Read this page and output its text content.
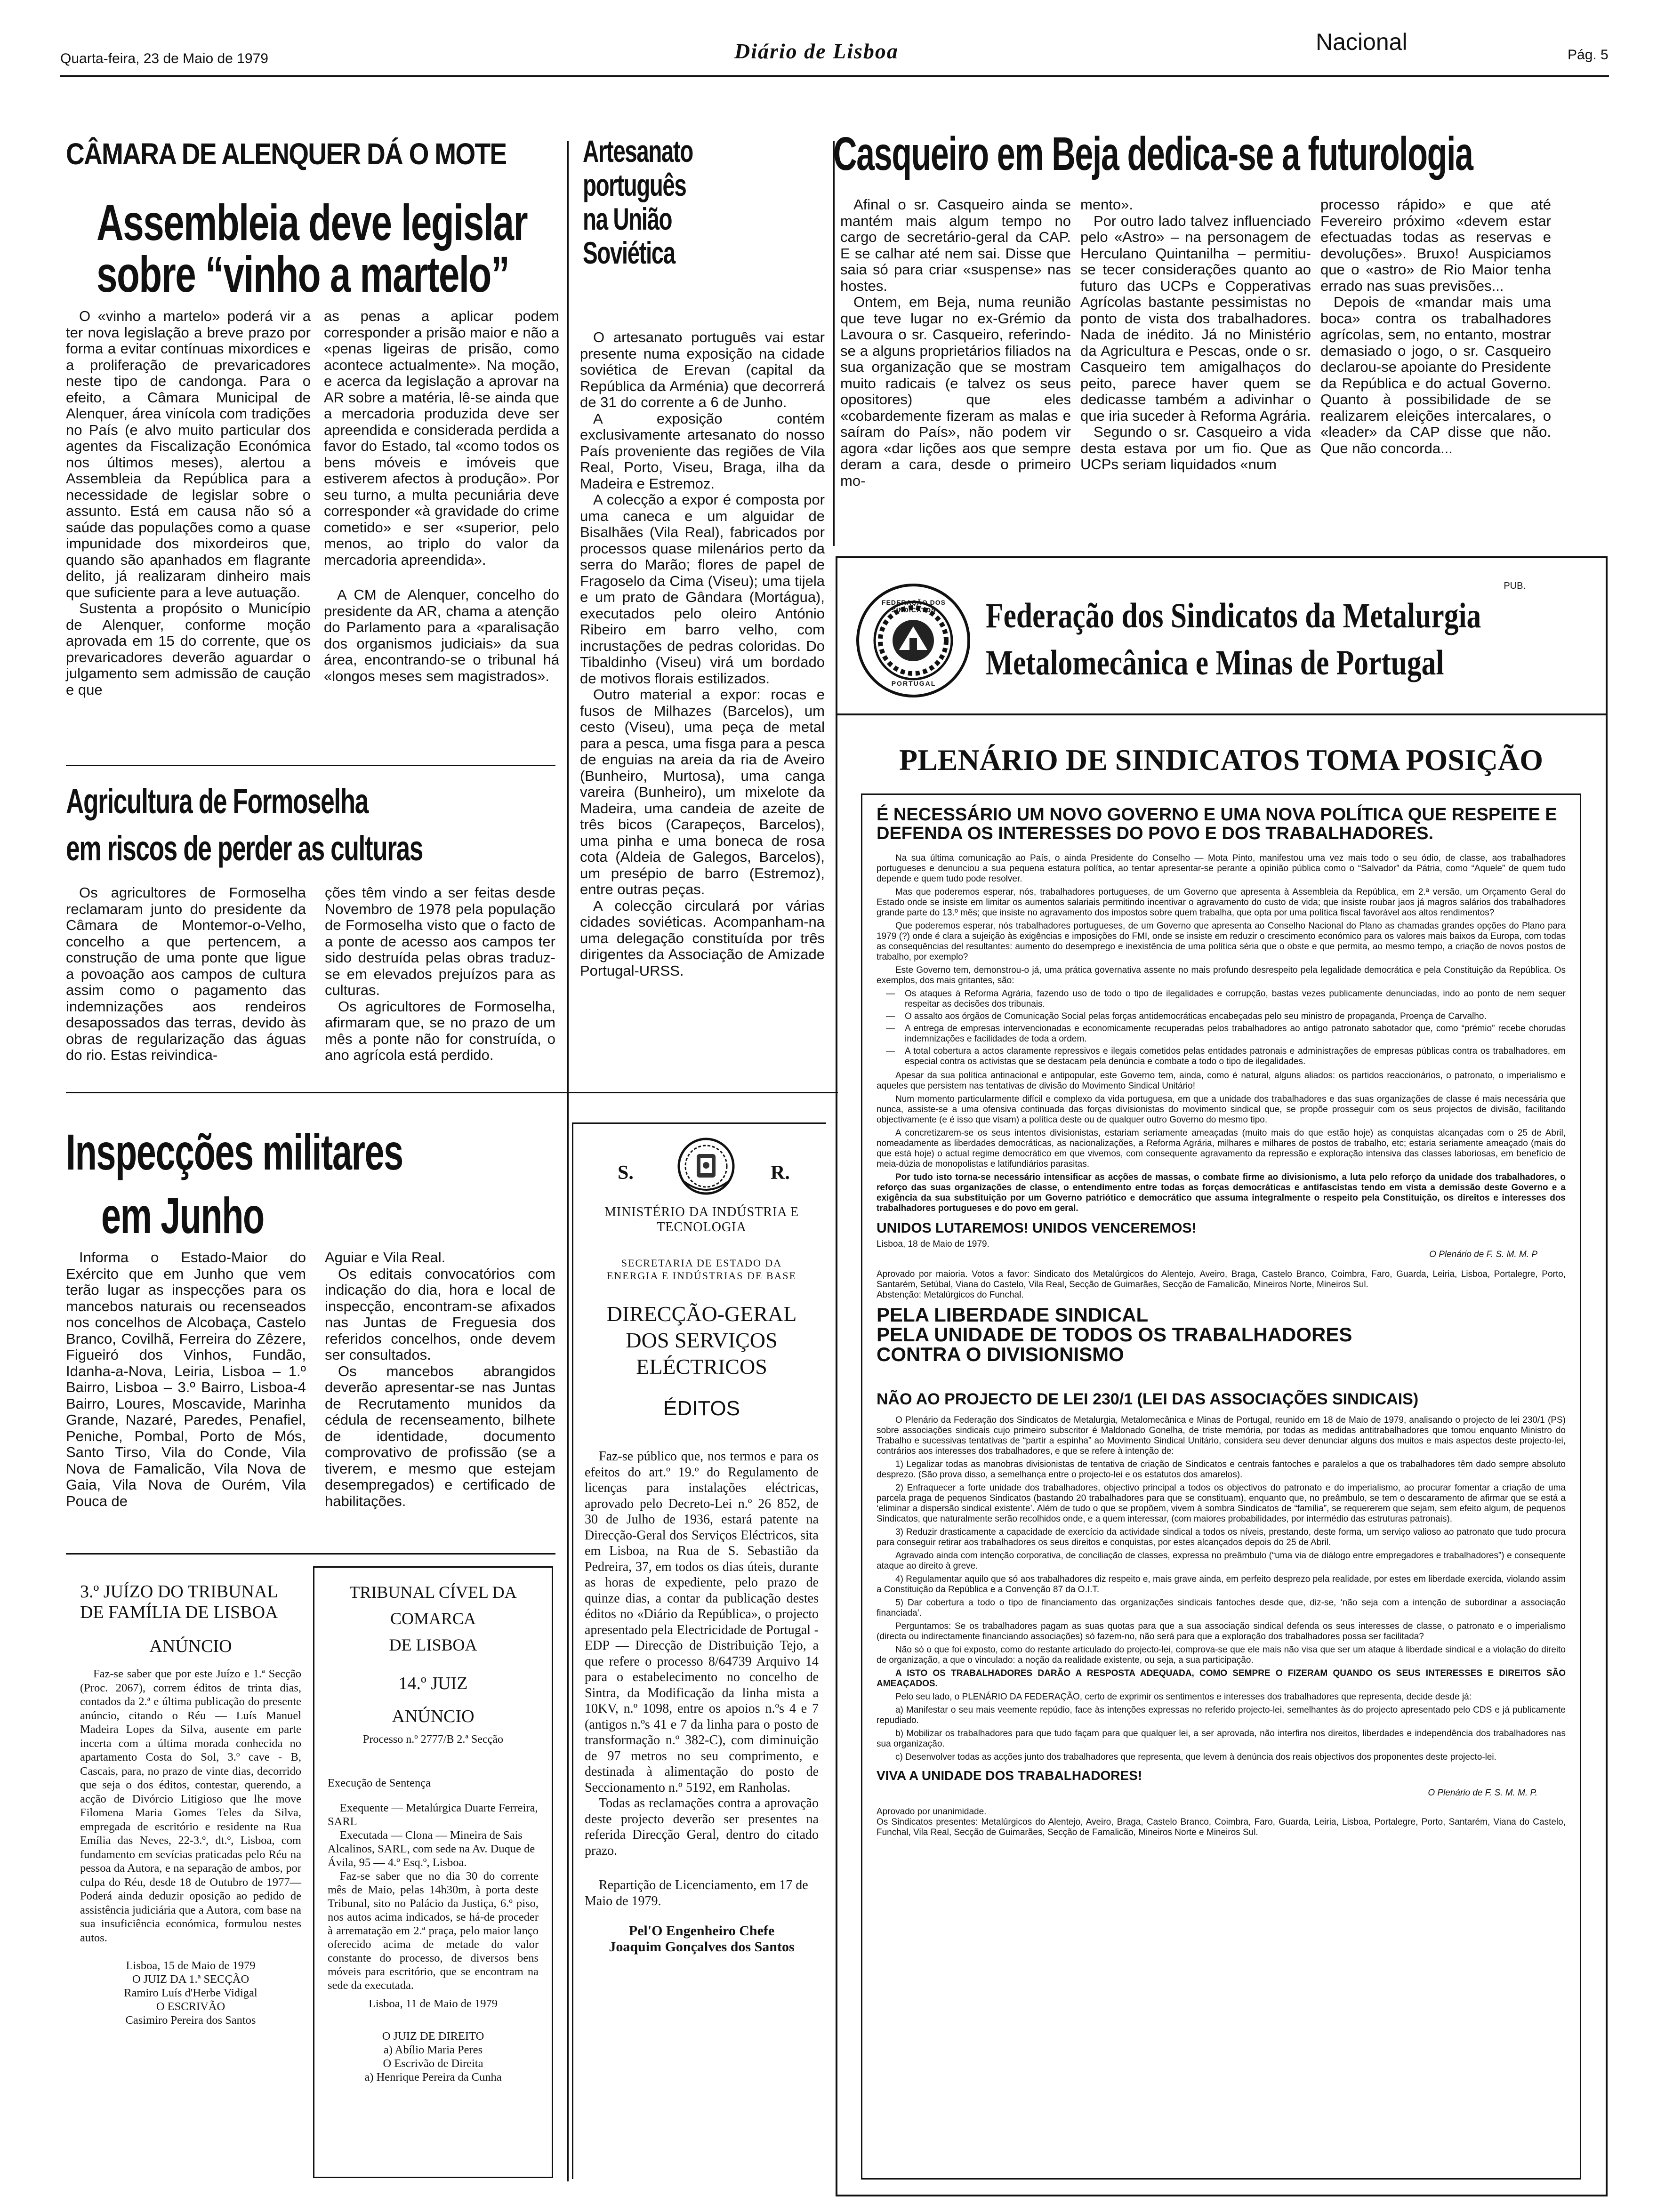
Quarta-feira, 23 de Maio de 1979	Diário de Lisboa	Nacional	Pág. 5
CÂMARA DE ALENQUER DÁ O MOTE
Assembleia deve legislar
sobre “vinho a martelo”

O «vinho a martelo» poderá vir a ter nova legislação a breve prazo por forma a evitar contínuas mixordices e a proliferação de prevaricadores neste tipo de candonga. Para o efeito, a Câmara Municipal de Alenquer, área vinícola com tradições no País (e alvo muito particular dos agentes da Fiscalização Económica nos últimos meses), alertou a Assembleia da República para a necessidade de legislar sobre o assunto. Está em causa não só a saúde das populações como a quase impunidade dos mixordeiros que, quando são apanhados em flagrante delito, já realizaram dinheiro mais que suficiente para a leve autuação.

Sustenta a propósito o Município de Alenquer, conforme moção aprovada em 15 do corrente, que os prevaricadores deverão aguardar o julgamento sem admissão de caução e que

as penas a aplicar podem corresponder a prisão maior e não a «penas ligeiras de prisão, como acontece actualmente». Na moção, e acerca da legislação a aprovar na AR sobre a matéria, lê-se ainda que a mercadoria produzida deve ser apreendida e considerada perdida a favor do Estado, tal «como todos os bens móveis e imóveis que estiverem afectos à produção». Por seu turno, a multa pecuniária deve corresponder «à gravidade do crime cometido» e ser «superior, pelo menos, ao triplo do valor da mercadoria apreendida».

A CM de Alenquer, concelho do presidente da AR, chama a atenção do Parlamento para a «paralisação dos organismos judiciais» da sua área, encontrando-se o tribunal há «longos meses sem magistrados».

Artesanato
português
na União
Soviética

O artesanato português vai estar presente numa exposição na cidade soviética de Erevan (capital da República da Arménia) que decorrerá de 31 do corrente a 6 de Junho.

A exposição contém exclusivamente artesanato do nosso País proveniente das regiões de Vila Real, Porto, Viseu, Braga, ilha da Madeira e Estremoz.

A colecção a expor é composta por uma caneca e um alguidar de Bisalhães (Vila Real), fabricados por processos quase milenários perto da serra do Marão; flores de papel de Fragoselo da Cima (Viseu); uma tijela e um prato de Gândara (Mortágua), executados pelo oleiro António Ribeiro em barro velho, com incrustações de pedras coloridas. Do Tibaldinho (Viseu) virá um bordado de motivos florais estilizados.

Outro material a expor: rocas e fusos de Milhazes (Barcelos), um cesto (Viseu), uma peça de metal para a pesca, uma fisga para a pesca de enguias na areia da ria de Aveiro (Bunheiro, Murtosa), uma canga vareira (Bunheiro), um mixelote da Madeira, uma candeia de azeite de três bicos (Carapeços, Barcelos), uma pinha e uma boneca de rosa cota (Aldeia de Galegos, Barcelos), um presépio de barro (Estremoz), entre outras peças.

A colecção circulará por várias cidades soviéticas. Acompanham-na uma delegação constituída por três dirigentes da Associação de Amizade Portugal-URSS.

Casqueiro em Beja dedica-se a futurologia

Afinal o sr. Casqueiro ainda se mantém mais algum tempo no cargo de secretário-geral da CAP. E se calhar até nem sai. Disse que saia só para criar «suspense» nas hostes.

Ontem, em Beja, numa reunião que teve lugar no ex-Grémio da Lavoura o sr. Casqueiro, referindo-se a alguns proprietários filiados na sua organização que se mostram muito radicais (e talvez os seus opositores) que eles «cobardemente fizeram as malas e saíram do País», não podem vir agora «dar lições aos que sempre deram a cara, desde o primeiro mo-

mento».

Por outro lado talvez influenciado pelo «Astro» – na personagem de Herculano Quintanilha – permitiu-se tecer considerações quanto ao futuro das UCPs e Copperativas Agrícolas bastante pessimistas no ponto de vista dos trabalhadores. Nada de inédito. Já no Ministério da Agricultura e Pescas, onde o sr. Casqueiro tem amigalhaços do peito, parece haver quem se dedicasse também a adivinhar o que iria suceder à Reforma Agrária.

Segundo o sr. Casqueiro a vida desta estava por um fio. Que as UCPs seriam liquidados «num

processo rápido» e que até Fevereiro próximo «devem estar efectuadas todas as reservas e devoluções». Bruxo! Auspiciamos que o «astro» de Rio Maior tenha errado nas suas previsões...

Depois de «mandar mais uma boca» contra os trabalhadores agrícolas, sem, no entanto, mostrar demasiado o jogo, o sr. Casqueiro declarou-se apoiante do Presidente da República e do actual Governo. Quanto à possibilidade de se realizarem eleições intercalares, o «leader» da CAP disse que não. Que não concorda...

Agricultura de Formoselha
em riscos de perder as culturas

Os agricultores de Formoselha reclamaram junto do presidente da Câmara de Montemor-o-Velho, concelho a que pertencem, a construção de uma ponte que ligue a povoação aos campos de cultura assim como o pagamento das indemnizações aos rendeiros desapossados das terras, devido às obras de regularização das águas do rio. Estas reivindica-

ções têm vindo a ser feitas desde Novembro de 1978 pela população de Formoselha visto que o facto de a ponte de acesso aos campos ter sido destruída pelas obras traduz-se em elevados prejuízos para as culturas.

Os agricultores de Formoselha, afirmaram que, se no prazo de um mês a ponte não for construída, o ano agrícola está perdido.

Inspecções militares
em Junho

Informa o Estado-Maior do Exército que em Junho que vem terão lugar as inspecções para os mancebos naturais ou recenseados nos concelhos de Alcobaça, Castelo Branco, Covilhã, Ferreira do Zêzere, Figueiró dos Vinhos, Fundão, Idanha-a-Nova, Leiria, Lisboa – 1.º Bairro, Lisboa – 3.º Bairro, Lisboa-4 Bairro, Loures, Moscavide, Marinha Grande, Nazaré, Paredes, Penafiel, Peniche, Pombal, Porto de Mós, Santo Tirso, Vila do Conde, Vila Nova de Famalicão, Vila Nova de Gaia, Vila Nova de Ourém, Vila Pouca de

Aguiar e Vila Real.

Os editais convocatórios com indicação do dia, hora e local de inspecção, encontram-se afixados nas Juntas de Freguesia dos referidos concelhos, onde devem ser consultados.

Os mancebos abrangidos deverão apresentar-se nas Juntas de Recrutamento munidos da cédula de recenseamento, bilhete de identidade, documento comprovativo de profissão (se a tiverem, e mesmo que estejam desempregados) e certificado de habilitações.

3.º JUÍZO DO TRIBUNAL DE FAMÍLIA DE LISBOA
ANÚNCIO
Faz-se saber que por este Juízo e 1.ª Secção (Proc. 2067), correm éditos de trinta dias, contados da 2.ª e última publicação do presente anúncio, citando o Réu — Luís Manuel Madeira Lopes da Silva, ausente em parte incerta com a última morada conhecida no apartamento Costa do Sol, 3.º cave - B, Cascais, para, no prazo de vinte dias, decorrido que seja o dos éditos, contestar, querendo, a acção de Divórcio Litigioso que lhe move Filomena Maria Gomes Teles da Silva, empregada de escritório e residente na Rua Emília das Neves, 22-3.º, dt.º, Lisboa, com fundamento em sevícias praticadas pelo Réu na pessoa da Autora, e na separação de ambos, por culpa do Réu, desde 18 de Outubro de 1977— Poderá ainda deduzir oposição ao pedido de assistência judiciária que a Autora, com base na sua insuficiência económica, formulou nestes autos.
Lisboa, 15 de Maio de 1979
O JUIZ DA 1.ª SECÇÃO
Ramiro Luís d'Herbe Vidigal
O ESCRIVÃO
Casimiro Pereira dos Santos
TRIBUNAL CÍVEL DA
COMARCA
DE LISBOA
14.º JUIZ
ANÚNCIO
Processo n.º 2777/B 2.ª Secção
Execução de Sentença
Exequente — Metalúrgica Duarte Ferreira, SARL
Executada — Clona — Mineira de Sais Alcalinos, SARL, com sede na Av. Duque de Ávila, 95 — 4.º Esq.º, Lisboa.
Faz-se saber que no dia 30 do corrente mês de Maio, pelas 14h30m, à porta deste Tribunal, sito no Palácio da Justiça, 6.º piso, nos autos acima indicados, se há-de proceder à arrematação em 2.ª praça, pelo maior lanço oferecido acima de metade do valor constante do processo, de diversos bens móveis para escritório, que se encontram na sede da executada.
Lisboa, 11 de Maio de 1979
O JUIZ DE DIREITO
a) Abílio Maria Peres
O Escrivão de Direita
a) Henrique Pereira da Cunha
S.	R.
MINISTÉRIO DA INDÚSTRIA E TECNOLOGIA
SECRETARIA DE ESTADO DA ENERGIA E INDÚSTRIAS DE BASE
DIRECÇÃO-GERAL
DOS SERVIÇOS
ELÉCTRICOS
ÉDITOS
Faz-se público que, nos termos e para os efeitos do art.º 19.º do Regulamento de licenças para instalações eléctricas, aprovado pelo Decreto-Lei n.º 26 852, de 30 de Julho de 1936, estará patente na Direcção-Geral dos Serviços Eléctricos, sita em Lisboa, na Rua de S. Sebastião da Pedreira, 37, em todos os dias úteis, durante as horas de expediente, pelo prazo de quinze dias, a contar da publicação destes éditos no «Diário da República», o projecto apresentado pela Electricidade de Portugal - EDP — Direcção de Distribuição Tejo, a que refere o processo 8/64739 Arquivo 14 para o estabelecimento no concelho de Sintra, da Modificação da linha mista a 10KV, n.º 1098, entre os apoios n.ºs 4 e 7 (antigos n.ºs 41 e 7 da linha para o posto de transformação n.º 382-C), com diminuição de 97 metros no seu comprimento, e destinada à alimentação do posto de Seccionamento n.º 5192, em Ranholas.
Todas as reclamações contra a aprovação deste projecto deverão ser presentes na referida Direcção Geral, dentro do citado prazo.
Repartição de Licenciamento, em 17 de Maio de 1979.
Pel'O Engenheiro Chefe
Joaquim Gonçalves dos Santos
PUB.
FEDERAÇÃO DOS SINDICATOS
PORTUGAL
Federação dos Sindicatos da Metalurgia
Metalomecânica e Minas de Portugal
PLENÁRIO DE SINDICATOS TOMA POSIÇÃO
É NECESSÁRIO UM NOVO GOVERNO E UMA NOVA POLÍTICA QUE RESPEITE E DEFENDA OS INTERESSES DO POVO E DOS TRABALHADORES.

Na sua última comunicação ao País, o ainda Presidente do Conselho — Mota Pinto, manifestou uma vez mais todo o seu ódio, de classe, aos trabalhadores portugueses e denunciou a sua pequena estatura política, ao tentar apresentar-se perante a opinião pública como o “Salvador” da Pátria, como “Aquele” de quem tudo depende e quem tudo pode resolver.

Mas que poderemos esperar, nós, trabalhadores portugueses, de um Governo que apresenta à Assembleia da República, em 2.ª versão, um Orçamento Geral do Estado onde se insiste em limitar os aumentos salariais permitindo incentivar o agravamento do custo de vida; que insiste roubar jaos já magros salários dos trabalhadores grande parte do 13.º mês; que insiste no agravamento dos impostos sobre quem trabalha, que opta por uma política fiscal favorável aos altos rendimentos?

Que poderemos esperar, nós trabalhadores portugueses, de um Governo que apresenta ao Conselho Nacional do Plano as chamadas grandes opções do Plano para 1979 (?) onde é clara a sujeição às exigências e imposições do FMI, onde se insiste em reduzir o crescimento económico para os valores mais baixos da Europa, com todas as consequências del resultantes: aumento do desemprego e inexistência de uma política séria que o obste e que permita, ao mesmo tempo, a criação de novos postos de trabalho, por exemplo?

Este Governo tem, demonstrou-o já, uma prática governativa assente no mais profundo desrespeito pela legalidade democrática e pela Constituição da República. Os exemplos, dos mais gritantes, são:

— Os ataques à Reforma Agrária, fazendo uso de todo o tipo de ilegalidades e corrupção, bastas vezes publicamente denunciadas, indo ao ponto de nem sequer respeitar as decisões dos tribunais.
— O assalto aos órgãos de Comunicação Social pelas forças antidemocráticas encabeçadas pelo seu ministro de propaganda, Proença de Carvalho.
— A entrega de empresas intervencionadas e economicamente recuperadas pelos trabalhadores ao antigo patronato sabotador que, como “prémio” recebe chorudas indemnizações e facilidades de toda a ordem.
— A total cobertura a actos claramente repressivos e ilegais cometidos pelas entidades patronais e administrações de empresas públicas contra os trabalhadores, em especial contra os activistas que se destacam pela denúncia e combate a todo o tipo de ilegalidades.

Apesar da sua política antinacional e antipopular, este Governo tem, ainda, como é natural, alguns aliados: os partidos reaccionários, o patronato, o imperialismo e aqueles que persistem nas tentativas de divisão do Movimento Sindical Unitário!

Num momento particularmente difícil e complexo da vida portuguesa, em que a unidade dos trabalhadores e das suas organizações de classe é mais necessária que nunca, assiste-se a uma ofensiva continuada das forças divisionistas do movimento sindical que, se propõe prosseguir com os seus projectos de divisão, facilitando objectivamente (e é isso que visam) a política deste ou de qualquer outro Governo do mesmo tipo.

A concretizarem-se os seus intentos divisionistas, estariam seriamente ameaçadas (muito mais do que estão hoje) as conquistas alcançadas com o 25 de Abril, nomeadamente as liberdades democráticas, as nacionalizações, a Reforma Agrária, milhares e milhares de postos de trabalho, etc; estaria seriamente ameaçado (mais do que está hoje) o actual regime democrático em que vivemos, com consequente agravamento da repressão e exploração intensiva das classes laboriosas, em benefício de meia-dúzia de monopolistas e latifundiários parasitas.

Por tudo isto torna-se necessário intensificar as acções de massas, o combate firme ao divisionismo, a luta pelo reforço da unidade dos trabalhadores, o reforço das suas organizações de classe, o entendimento entre todas as forças democráticas e antifascistas tendo em vista a demissão deste Governo e a exigência da sua substituição por um Governo patriótico e democrático que assuma integralmente o respeito pela Constituição, os direitos e interesses dos trabalhadores portugueses e do povo em geral.

UNIDOS LUTAREMOS! UNIDOS VENCEREMOS!
Lisboa, 18 de Maio de 1979.
O Plenário de F. S. M. M. P
Aprovado por maioria. Votos a favor: Sindicato dos Metalúrgicos do Alentejo, Aveiro, Braga, Castelo Branco, Coimbra, Faro, Guarda, Leiria, Lisboa, Portalegre, Porto, Santarém, Setúbal, Viana do Castelo, Vila Real, Secção de Guimarães, Secção de Famalicão, Mineiros Norte, Mineiros Sul.
Abstenção: Metalúrgicos do Funchal.
PELA LIBERDADE SINDICAL
PELA UNIDADE DE TODOS OS TRABALHADORES
CONTRA O DIVISIONISMO
NÃO AO PROJECTO DE LEI 230/1 (LEI DAS ASSOCIAÇÕES SINDICAIS)

O Plenário da Federação dos Sindicatos de Metalurgia, Metalomecânica e Minas de Portugal, reunido em 18 de Maio de 1979, analisando o projecto de lei 230/1 (PS) sobre associações sindicais cujo primeiro subscritor é Maldonado Gonelha, de triste memória, por todas as medidas antitrabalhadores que tomou enquanto Ministro do Trabalho e sucessivas tentativas de “partir a espinha” ao Movimento Sindical Unitário, considera seu dever denunciar alguns dos muitos e mais aspectos deste projecto-lei, contrários aos interesses dos trabalhadores, e que se refere à intenção de:

1) Legalizar todas as manobras divisionistas de tentativa de criação de Sindicatos e centrais fantoches e paralelos a que os trabalhadores têm dado sempre absoluto desprezo. (São prova disso, a semelhança entre o projecto-lei e os estatutos dos amarelos).

2) Enfraquecer a forte unidade dos trabalhadores, objectivo principal a todos os objectivos do patronato e do imperialismo, ao procurar fomentar a criação de uma parcela praga de pequenos Sindicatos (bastando 20 trabalhadores para que se constituam), enquanto que, no preâmbulo, se tem o descaramento de afirmar que se está a ‘eliminar a dispersão sindical existente’. Além de tudo o que se propõem, vivem à sombra Sindicatos de “família”, se requererem que sejam, sem efeito algum, de pequenos Sindicatos, que naturalmente serão recolhidos onde, e a quem interessar, (com maiores probabilidades, por intermédio das estruturas patronais).

3) Reduzir drasticamente a capacidade de exercício da actividade sindical a todos os níveis, prestando, deste forma, um serviço valioso ao patronato que tudo procura para conseguir retirar aos trabalhadores os seus direitos e conquistas, por estes alcançados depois do 25 de Abril.

Agravado ainda com intenção corporativa, de conciliação de classes, expressa no preâmbulo (“uma via de diálogo entre empregadores e trabalhadores”) e consequente ataque ao direito à greve.

4) Regulamentar aquilo que só aos trabalhadores diz respeito e, mais grave ainda, em perfeito desprezo pela realidade, por estes em liberdade exercida, violando assim a Constituição da República e a Convenção 87 da O.I.T.

5) Dar cobertura a todo o tipo de financiamento das organizações sindicais fantoches desde que, diz-se, ‘não seja com a intenção de subordinar a associação financiada’.

Perguntamos: Se os trabalhadores pagam as suas quotas para que a sua associação sindical defenda os seus interesses de classe, o patronato e o imperialismo (directa ou indirectamente financiando associações) só fazem-no, não será para que a exploração dos trabalhadores possa ser facilitada?

Não só o que foi exposto, como do restante articulado do projecto-lei, comprova-se que ele mais não visa que ser um ataque à liberdade sindical e a violação do direito de organização, a que o vinculado: a noção da realidade existente, ou seja, a sua participação.

A ISTO OS TRABALHADORES DARÃO A RESPOSTA ADEQUADA, COMO SEMPRE O FIZERAM QUANDO OS SEUS INTERESSES E DIREITOS SÃO AMEAÇADOS.

Pelo seu lado, o PLENÁRIO DA FEDERAÇÃO, certo de exprimir os sentimentos e interesses dos trabalhadores que representa, decide desde já:

a) Manifestar o seu mais veemente repúdio, face às intenções expressas no referido projecto-lei, semelhantes às do projecto apresentado pelo CDS e já publicamente repudiado.

b) Mobilizar os trabalhadores para que tudo façam para que qualquer lei, a ser aprovada, não interfira nos direitos, liberdades e independência dos trabalhadores nas sua organização.

c) Desenvolver todas as acções junto dos trabalhadores que representa, que levem à denúncia dos reais objectivos dos proponentes deste projecto-lei.

VIVA A UNIDADE DOS TRABALHADORES!
O Plenário de F. S. M. M. P.
Aprovado por unanimidade.
Os Sindicatos presentes: Metalúrgicos do Alentejo, Aveiro, Braga, Castelo Branco, Coimbra, Faro, Guarda, Leiria, Lisboa, Portalegre, Porto, Santarém, Viana do Castelo, Funchal, Vila Real, Secção de Guimarães, Secção de Famalicão, Mineiros Norte e Mineiros Sul.
